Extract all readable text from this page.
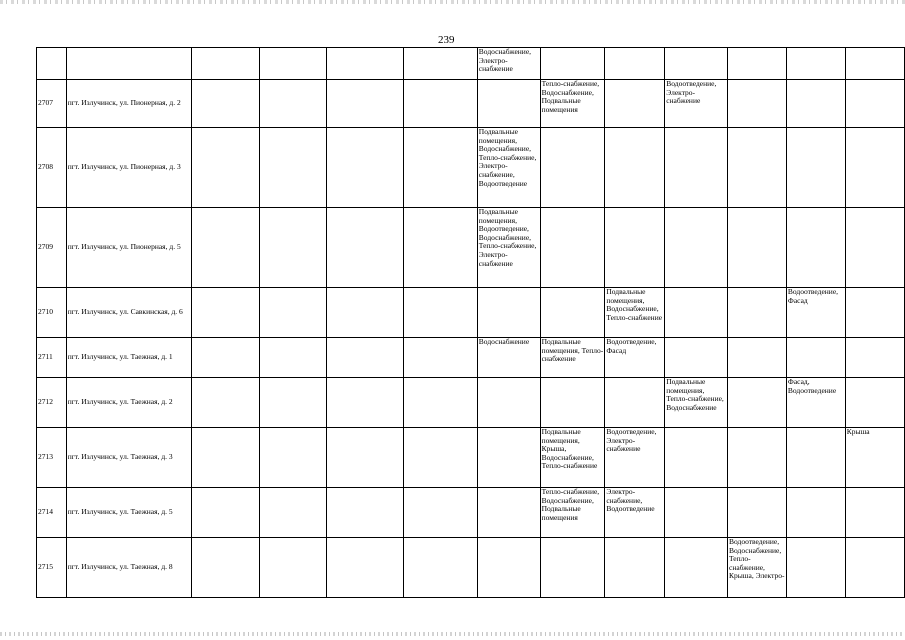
239
						Водоснабжение, Электро-снабжение						
2707	пгт. Излучинск, ул. Пионерная, д. 2						Тепло-снабжение, Водоснабжение, Подвальные помещения		Водоотведение, Электро-снабжение			
2708	пгт. Излучинск, ул. Пионерная, д. 3					Подвальные помещения, Водоснабжение, Тепло-снабжение, Электро-снабжение, Водоотведение						
2709	пгт. Излучинск, ул. Пионерная, д. 5					Подвальные помещения, Водоотведение, Водоснабжение, Тепло-снабжение, Электро-снабжение						
2710	пгт. Излучинск, ул. Савкинская, д. 6							Подвальные помещения, Водоснабжение, Тепло-снабжение			Водоотведение, Фасад	
2711	пгт. Излучинск, ул. Таежная, д. 1					Водоснабжение	Подвальные помещения, Тепло-снабжение	Водоотведение, Фасад				
2712	пгт. Излучинск, ул. Таежная, д. 2								Подвальные помещения, Тепло-снабжение, Водоснабжение		Фасад, Водоотведение	
2713	пгт. Излучинск, ул. Таежная, д. 3						Подвальные помещения, Крыша, Водоснабжение, Тепло-снабжение	Водоотведение, Электро-снабжение				Крыша
2714	пгт. Излучинск, ул. Таежная, д. 5						Тепло-снабжение, Водоснабжение, Подвальные помещения	Электро-снабжение, Водоотведение				
2715	пгт. Излучинск, ул. Таежная, д. 8									Водоотведение, Водоснабжение, Тепло-снабжение, Крыша, Электро-		
